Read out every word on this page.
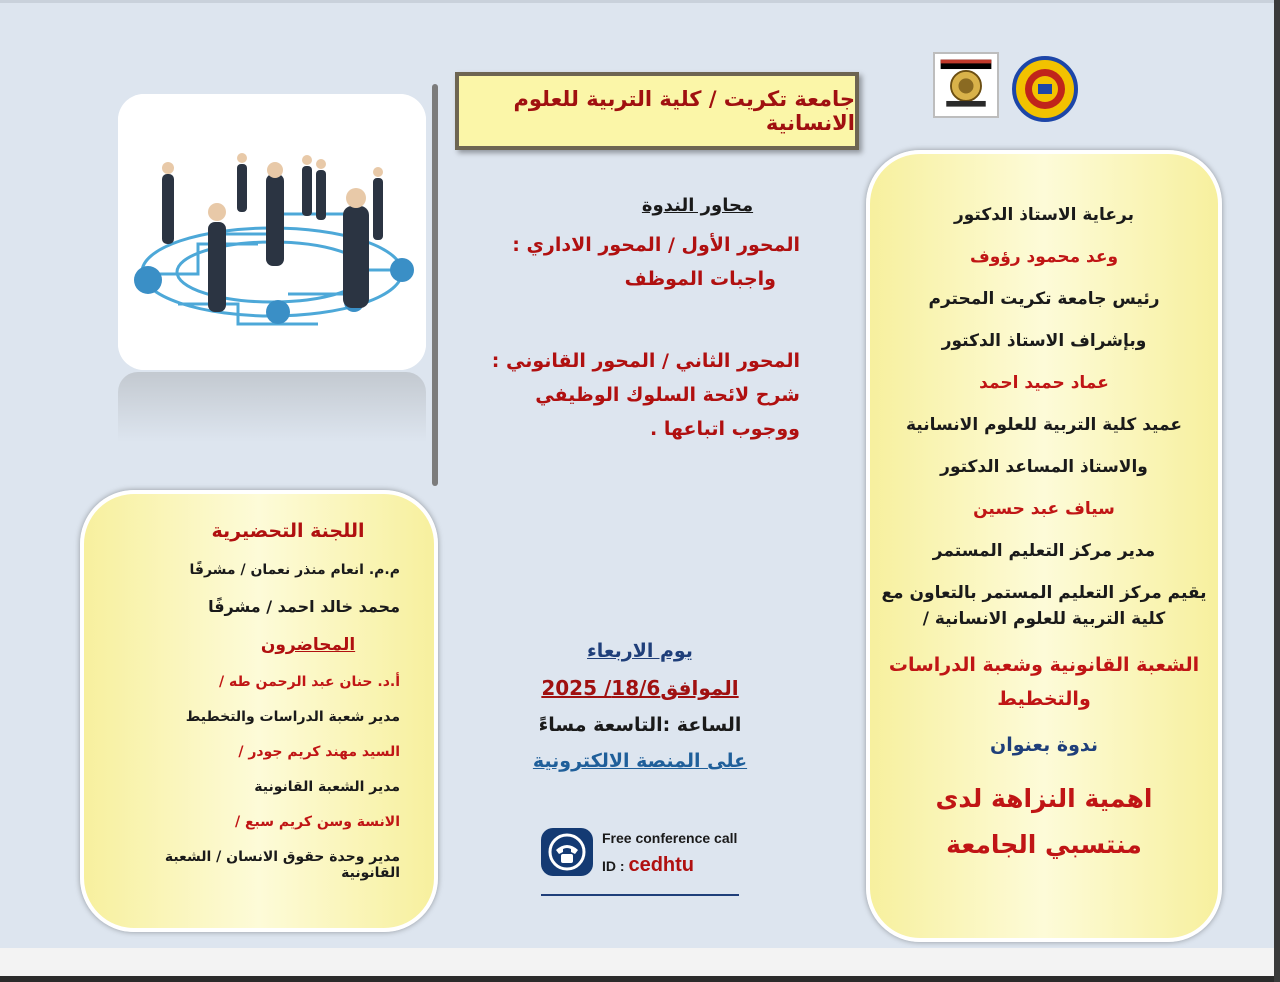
جامعة تكريت / كلية التربية للعلوم الانسانية
محاور الندوة
المحور الأول / المحور الاداري :
واجبات الموظف
المحور الثاني / المحور القانوني :
شرح لائحة السلوك الوظيفي
ووجوب اتباعها .
يوم الاربعاء
الموافق18/6/ 2025
الساعة :التاسعة مساءً
على المنصة الالكترونية
Free conference call
ID : cedhtu
برعاية الاستاذ الدكتور
وعد محمود رؤوف
رئيس جامعة تكريت المحترم
وبإشراف الاستاذ الدكتور
عماد حميد احمد
عميد كلية التربية للعلوم الانسانية
والاستاذ المساعد الدكتور
سياف عبد حسين
مدير مركز التعليم المستمر
يقيم مركز التعليم المستمر بالتعاون مع
كلية التربية للعلوم الانسانية /
الشعبة القانونية وشعبة الدراسات
والتخطيط
ندوة بعنوان
اهمية النزاهة لدى
منتسبي الجامعة
اللجنة التحضيرية
م.م. انعام منذر نعمان / مشرفًا
محمد خالد احمد / مشرفًا
المحاضرون
أ.د. حنان عبد الرحمن طه /
مدير شعبة الدراسات والتخطيط
السيد مهند كريم جودر /
مدير الشعبة القانونية
الانسة وسن كريم سبع /
مدير وحدة حقوق الانسان / الشعبة القانونية
